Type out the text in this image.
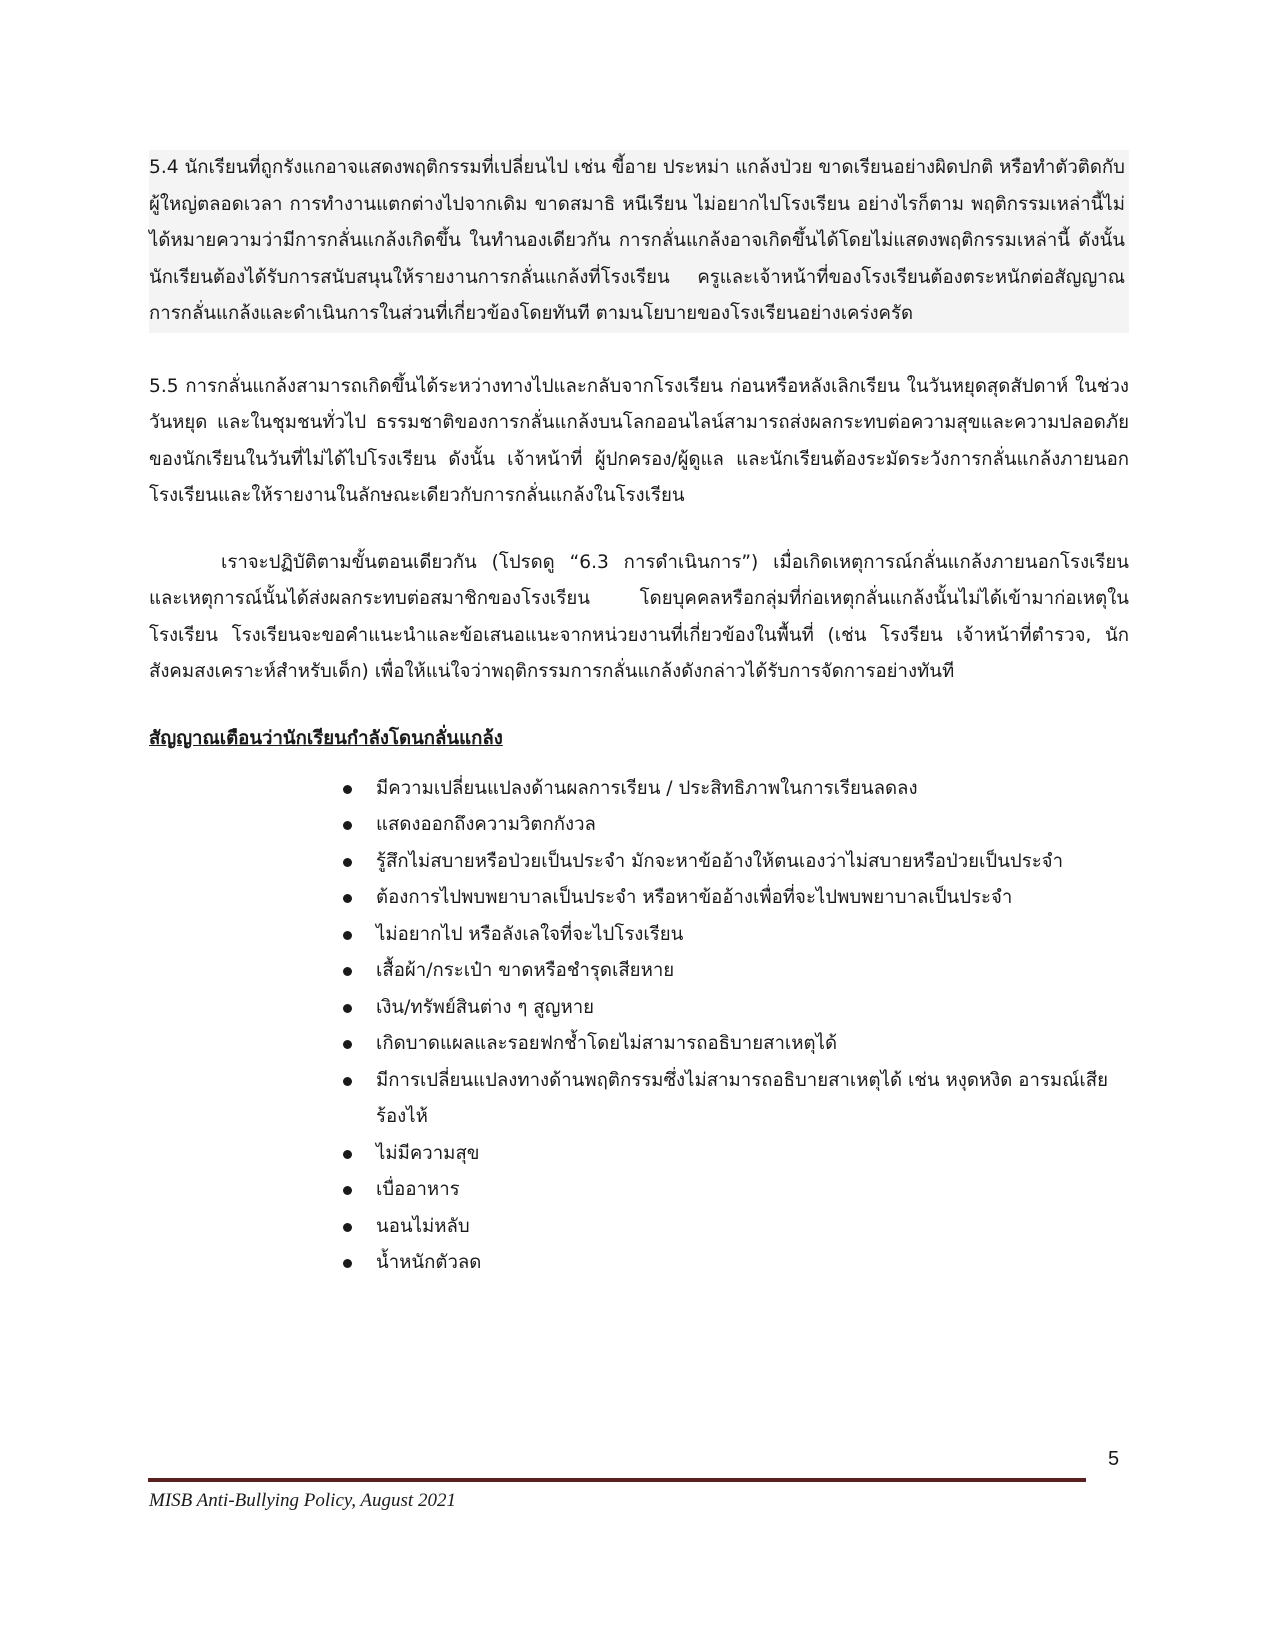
5.4 นักเรียนที่ถูกรังแกอาจแสดงพฤติกรรมที่เปลี่ยนไป เช่น ขี้อาย ประหม่า แกล้งป่วย ขาดเรียนอย่างผิดปกติ หรือทำตัวติดกับผู้ใหญ่ตลอดเวลา การทำงานแตกต่างไปจากเดิม ขาดสมาธิ หนีเรียน ไม่อยากไปโรงเรียน อย่างไรก็ตาม พฤติกรรมเหล่านี้ไม่ได้หมายความว่ามีการกลั่นแกล้งเกิดขึ้น ในทำนองเดียวกัน การกลั่นแกล้งอาจเกิดขึ้นได้โดยไม่แสดงพฤติกรรมเหล่านี้ ดังนั้น นักเรียนต้องได้รับการสนับสนุนให้รายงานการกลั่นแกล้งที่โรงเรียน ครูและเจ้าหน้าที่ของโรงเรียนต้องตระหนักต่อสัญญาณการกลั่นแกล้งและดำเนินการในส่วนที่เกี่ยวข้องโดยทันที ตามนโยบายของโรงเรียนอย่างเคร่งครัด

5.5 การกลั่นแกล้งสามารถเกิดขึ้นได้ระหว่างทางไปและกลับจากโรงเรียน ก่อนหรือหลังเลิกเรียน ในวันหยุดสุดสัปดาห์ ในช่วงวันหยุด และในชุมชนทั่วไป ธรรมชาติของการกลั่นแกล้งบนโลกออนไลน์สามารถส่งผลกระทบต่อความสุขและความปลอดภัยของนักเรียนในวันที่ไม่ได้ไปโรงเรียน ดังนั้น เจ้าหน้าที่ ผู้ปกครอง/ผู้ดูแล และนักเรียนต้องระมัดระวังการกลั่นแกล้งภายนอกโรงเรียนและให้รายงานในลักษณะเดียวกับการกลั่นแกล้งในโรงเรียน

เราจะปฏิบัติตามขั้นตอนเดียวกัน (โปรดดู “6.3 การดำเนินการ”) เมื่อเกิดเหตุการณ์กลั่นแกล้งภายนอกโรงเรียน และเหตุการณ์นั้นได้ส่งผลกระทบต่อสมาชิกของโรงเรียน โดยบุคคลหรือกลุ่มที่ก่อเหตุกลั่นแกล้งนั้นไม่ได้เข้ามาก่อเหตุในโรงเรียน โรงเรียนจะขอคำแนะนำและข้อเสนอแนะจากหน่วยงานที่เกี่ยวข้องในพื้นที่ (เช่น โรงรียน เจ้าหน้าที่ตำรวจ, นักสังคมสงเคราะห์สำหรับเด็ก) เพื่อให้แน่ใจว่าพฤติกรรมการกลั่นแกล้งดังกล่าวได้รับการจัดการอย่างทันที

สัญญาณเตือนว่านักเรียนกำลังโดนกลั่นแกล้ง

มีความเปลี่ยนแปลงด้านผลการเรียน / ประสิทธิภาพในการเรียนลดลง
แสดงออกถึงความวิตกกังวล
รู้สึกไม่สบายหรือป่วยเป็นประจำ มักจะหาข้ออ้างให้ตนเองว่าไม่สบายหรือป่วยเป็นประจำ
ต้องการไปพบพยาบาลเป็นประจำ หรือหาข้ออ้างเพื่อที่จะไปพบพยาบาลเป็นประจำ
ไม่อยากไป หรือลังเลใจที่จะไปโรงเรียน
เสื้อผ้า/กระเป๋า ขาดหรือชำรุดเสียหาย
เงิน/ทรัพย์สินต่าง ๆ สูญหาย
เกิดบาดแผลและรอยฟกช้ำโดยไม่สามารถอธิบายสาเหตุได้
มีการเปลี่ยนแปลงทางด้านพฤติกรรมซึ่งไม่สามารถอธิบายสาเหตุได้ เช่น หงุดหงิด อารมณ์เสีย ร้องไห้
ไม่มีความสุข
เบื่ออาหาร
นอนไม่หลับ
น้ำหนักตัวลด
5
MISB Anti-Bullying Policy, August 2021
